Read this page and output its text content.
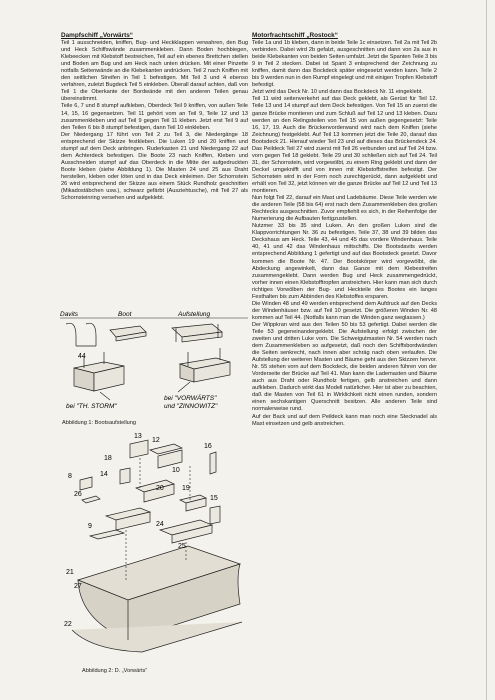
Dampfschiff „Vorwärts“

Teil 1 ausschneiden, kniffen, Bug- und Heckklappen verwahren, den Bug und Heck Schiffswände zusammenkleben. Dann Boden hochbiegen, Klebeecken mit Klebstoff bestreichen, Teil auf ein ebenes Brettchen stellen und Boden am Bug und am Heck nach unten drücken. Mit einer Pinzette notfalls Seitenwände an die Klebekanten andrücken. Teil 2 nach Kniffen mit den seitlichen Streifen in Teil 1 befestigen. Mit Teil 3 und 4 ebenso verfahren, zuletzt Bugdeck Teil 5 einkleben. Überall darauf achten, daß von Teil 1 die Oberkante der Bordwände mit den anderen Teilen genau übereinstimmt.

Teile 6, 7 und 8 stumpf aufkleben, Oberdeck Teil 9 kniffen, von außen Teile 14, 15, 16 gegensetzen. Teil 11 gehört vorn an Teil 9, Teile 12 und 13 zusammenkleben und auf Teil 9 gegen Teil 11 kleben. Jetzt erst Teil 9 auf den Teilen 6 bis 8 stumpf befestigen, dann Teil 10 einkleben.

Der Niedergang 17 führt von Teil 2 zu Teil 3, die Niedergänge 18 entsprechend der Skizze festkleben. Die Luken 19 und 20 kniffen und stumpf auf dem Deck anbringen. Ruderkasten 21 und Niedergang 22 auf dem Achterdeck befestigen. Die Boote 23 nach Kniffen, Kleben und Ausschneiden stumpf auf das Oberdeck in die Mitte der aufgedruckten Boote kleben (siehe Abbildung 1). Die Masten 24 und 25 aus Draht herstellen, kleben oder löten und in das Deck einleimen. Der Schornstein 26 wird entsprechend der Skizze aus einem Stück Rundholz geschnitten (Mikadostäbchen usw.), schwarz gefärbt (Ausziehtusche), mit Teil 27 als Schornsteinring versehen und aufgeklebt.

Motorfrachtschiff „Rostock“

Teile 1a und 1b kleben, dann in beide Teile 1c einsetzen. Teil 2a mit Teil 2b verbinden. Dabei wird 2b gefalzt, ausgeschnitten und dann von 2a aus in beide Klebekanten von beiden Seiten umfalzt. Jetzt die Spanten Teile 3 bis 9 in Teil 2 stecken. Dabei ist Spant 3 entsprechend der Zeichnung zu kniffen, damit dann das Bockdeck später eingesetzt werden kann. Teile 2 bis 9 werden nun in den Rumpf eingelegt und mit einigen Tropfen Klebstoff befestigt.

Jetzt wird das Deck Nr. 10 und dann das Bockdeck Nr. 11 eingeklebt.

Teil 11 wird seitenverkehrt auf das Deck geklebt, als Gerüst für Teil 12. Teile 13 und 14 stumpf auf dem Deck befestigen. Von Teil 15 an zuerst die ganze Brücke montieren und zum Schluß auf Teil 12 und 13 kleben. Dazu werden an den Relingsteilen von Teil 15 von außen gegengesetzt: Teile 16, 17, 19. Auch die Brückenvorderwand wird nach dem Kniffen (siehe Zeichnung) festgeklebt. Auf Teil 13 kommen jetzt die Teile 20, darauf das Bootsdeck 21. Hierauf wieder Teil 23 und auf dieses das Brückendeck 24. Das Peildeck Teil 27 wird zuerst mit Teil 26 verbunden und auf Teil 24 bzw. vorn gegen Teil 18 geklebt. Teile 29 und 30 schließen sich auf Teil 24. Teil 31, der Schornstein, wird vorgewölbt, zu einem Ring geklebt und dann der Deckel umgeknifft und von innen mit Klebstoffstreifen befestigt. Der Schornstein wird in der Form noch zurechtgerückt, dann aufgeklebt und erhält von Teil 32, jetzt können wir die ganze Brücke auf Teil 12 und Teil 13 montieren.

Nun folgt Teil 22, darauf ein Mast und Ladebäume. Diese Teile werden wie die anderen Teile (58 bis 64) erst nach dem Zusammenkleben des großen Rechtecks ausgeschnitten. Zuvor empfiehlt es sich, in der Reihenfolge der Numerierung die Aufbauten fertigzustellen.

Nutzmer 33 bis 35 sind Luken. An den großen Luken sind die Klappvorrichtungen Nr. 36 zu befestigen. Teile 37, 38 und 39 bilden das Deckshaus am Heck. Teile 43, 44 und 45 das vordere Windenhaus. Teile 40, 41 und 42 das Windenhaus mittschiffs. Die Bootsdavits werden entsprechend Abbildung 1 gefertigt und auf das Bootsdeck gesetzt. Davor kommen die Boote Nr. 47. Der Bootskörper wird vorgewölbt, die Abdeckung angewinkelt, dann das Ganze mit dem Klebestreifen zusammengeklebt. Dann werden Bug und Heck zusammengedrückt, vorher innen einen Klebstofftropfen anstreichen. Hier kann man sich durch richtiges Vorwölben der Bug- und Heckteile des Bootes ein langes Festhalten bis zum Abbinden des Klebstoffes ersparen.

Die Winden 48 und 49 werden entsprechend dem Aufdruck auf den Decks der Windenhäuser bzw. auf Teil 10 gesetzt. Die größeren Winden Nr. 48 kommen auf Teil 44. (Notfalls kann man die Winden ganz weglassen.)

Der Wippkran wird aus den Teilen 50 bis 53 gefertigt. Dabei werden die Teile 53 gegeneinandergeklebt. Die Aufstellung erfolgt zwischen der zweiten und dritten Luke vorn. Die Schweigutmasten Nr. 54 werden nach dem Zusammenkleben so aufgesetzt, daß noch den Schiffsbordwänden die Seiten senkrecht, nach innen aber schräg nach oben verlaufen. Die Aufstellung der weiteren Masten und Bäume geht aus den Skizzen hervor. Nr. 55 stehen vorn auf dem Bockdeck, die beiden anderen führen von der Vorderseite der Brücke auf Teil 41. Man kann die Lademasten und Bäume auch aus Draht oder Rundholz fertigen, gelb anstreichen und dann aufkleben. Dadurch wirkt das Modell natürlicher. Hier ist aber zu beachten, daß die Masten von Teil 61 in Wirklichkeit nicht einen runden, sondern einen sechskantigen Querschnitt besitzen. Alle anderen Teile sind normalerweise rund.

Auf der Back und auf dem Peildeck kann man noch eine Stecknadel als Mast einsetzen und gelb anstreichen.

Davits	Boot	Aufstellung
44
bei "TH. STORM"
bei "VORWÄRTS"
und "ZINNOWITZ"
Abbildung 1: Bootsaufstellung
13
12
16
18
8	14
26
10
19
20
9
15
24
25
21
27
22
Abbildung 2: D. „Vorwärts“
